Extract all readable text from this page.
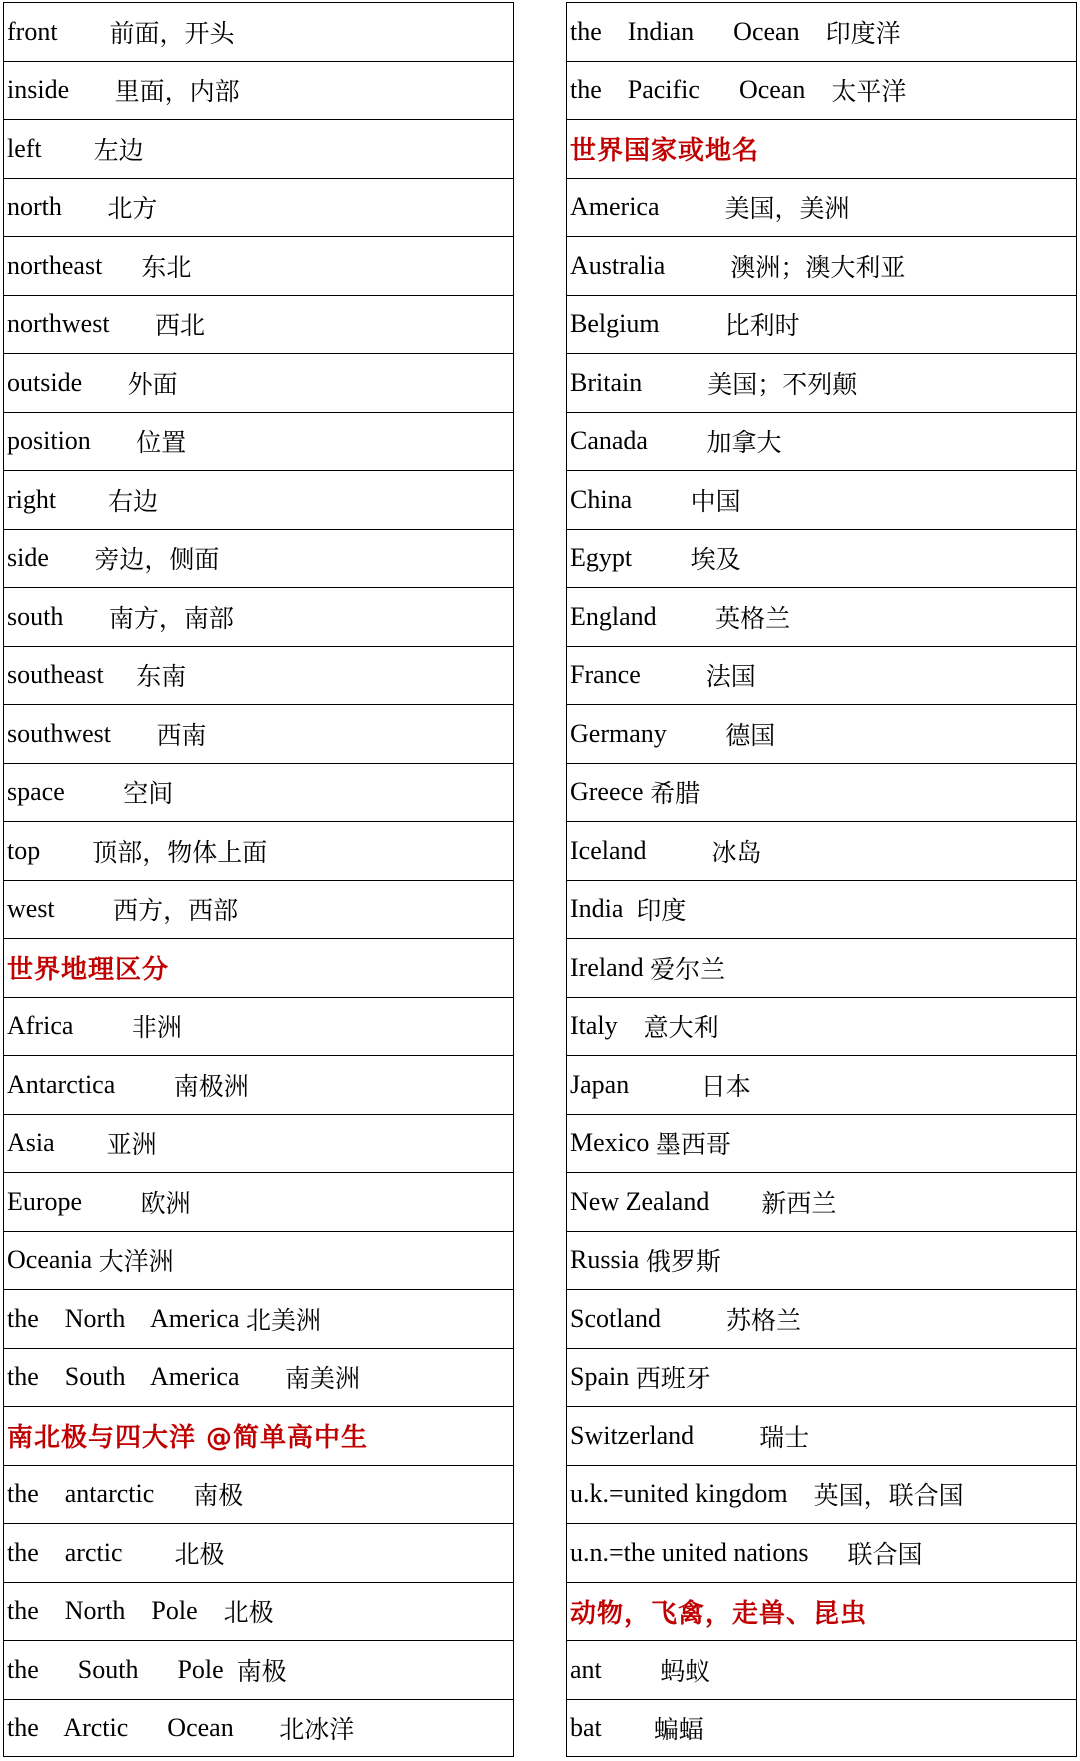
front 前面，开头
inside 里面，内部
left 左边
north 北方
northeast 东北
northwest 西北
outside 外面
position 位置
right 右边
side 旁边，侧面
south 南方，南部
southeast 东南
southwest 西南
space 空间
top 顶部，物体上面
west 西方，西部
世界地理区分
Africa 非洲
Antarctica 南极洲
Asia 亚洲
Europe 欧洲
Oceania 大洋洲
the    North    America 北美洲
the    South    America 南美洲
南北极与四大洋 @简单高中生
the    antarctic 南极
the    arctic 北极
the    North    Pole 北极
the      South      Pole 南极
the    Arctic      Ocean 北冰洋
the    Indian      Ocean 印度洋
the    Pacific      Ocean 太平洋
世界国家或地名
America 美国，美洲
Australia 澳洲；澳大利亚
Belgium 比利时
Britain 美国；不列颠
Canada 加拿大
China 中国
Egypt 埃及
England 英格兰
France 法国
Germany 德国
Greece 希腊
Iceland 冰岛
India 印度
Ireland 爱尔兰
Italy 意大利
Japan 日本
Mexico 墨西哥
New Zealand 新西兰
Russia 俄罗斯
Scotland 苏格兰
Spain 西班牙
Switzerland 瑞士
u.k.=united kingdom 英国，联合国
u.n.=the united nations 联合国
动物，飞禽，走兽、昆虫
ant 蚂蚁
bat 蝙蝠
